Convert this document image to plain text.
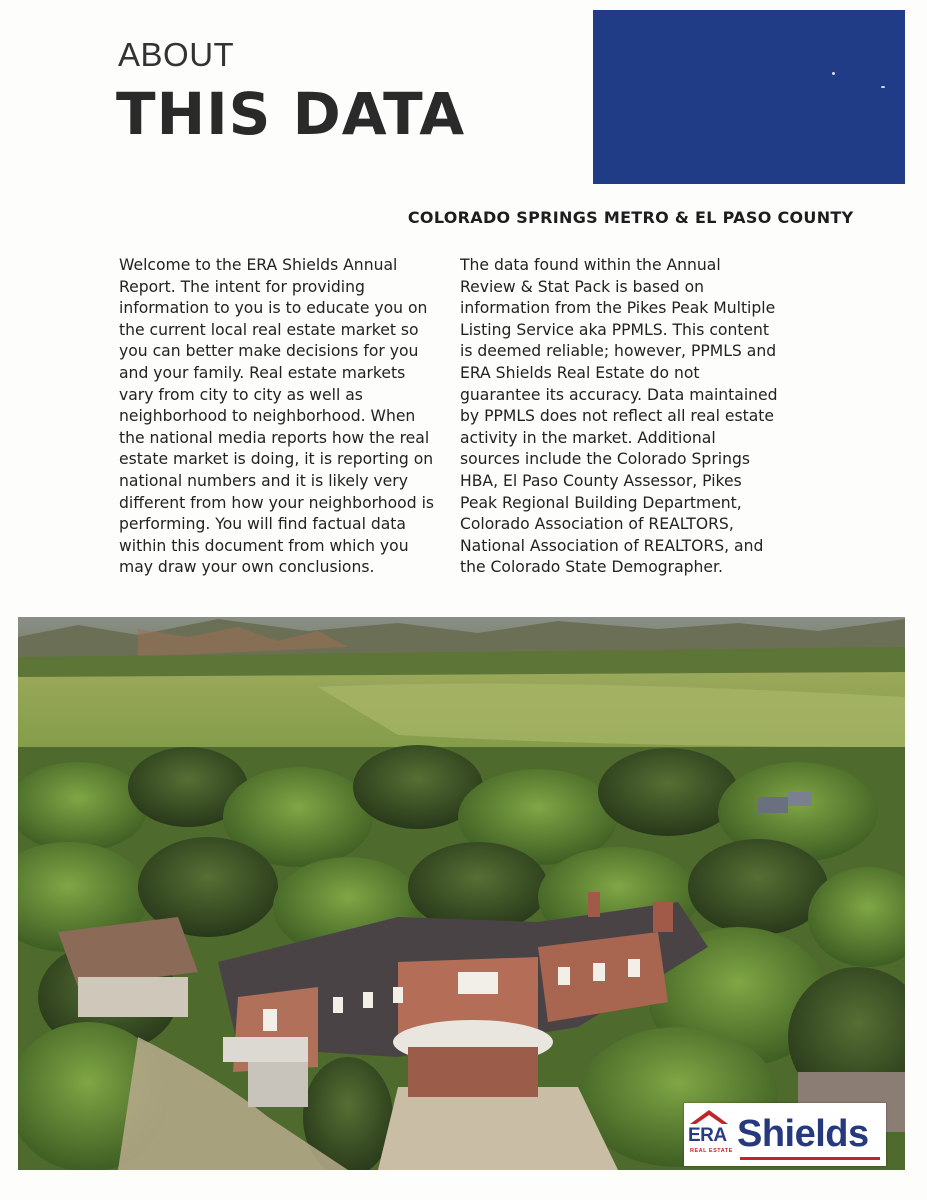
ABOUT
THIS DATA
COLORADO SPRINGS METRO & EL PASO COUNTY

Welcome to the ERA Shields Annual Report. The intent for providing information to you is to educate you on the current local real estate market so you can better make decisions for you and your family. Real estate markets vary from city to city as well as neighborhood to neighborhood. When the national media reports how the real estate market is doing, it is reporting on national numbers and it is likely very different from how your neighborhood is performing. You will find factual data within this document from which you may draw your own conclusions.

The data found within the Annual Review & Stat Pack is based on information from the Pikes Peak Multiple Listing Service aka PPMLS. This content is deemed reliable; however, PPMLS and ERA Shields Real Estate do not guarantee its accuracy. Data maintained by PPMLS does not reflect all real estate activity in the market. Additional sources include the Colorado Springs HBA, El Paso County Assessor, Pikes Peak Regional Building Department, Colorado Association of REALTORS, National Association of REALTORS, and the Colorado State Demographer.

ERA
REAL ESTATE Shields
